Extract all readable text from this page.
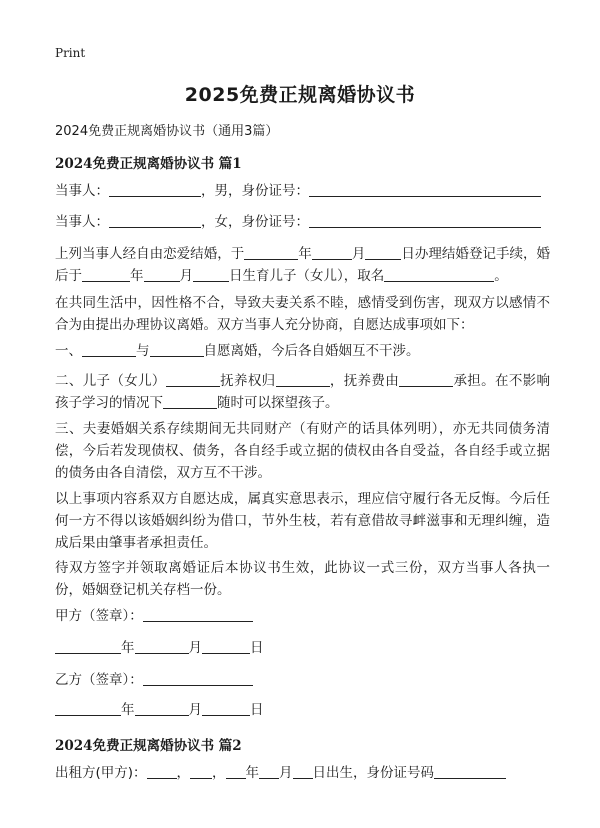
Print
2025免费正规离婚协议书
2024免费正规离婚协议书（通用3篇）
2024免费正规离婚协议书 篇1
当事人：	，男，身份证号：
当事人：	，女，身份证号：
上列当事人经自由恋爱结婚，于	年	月	日办理结婚登记手续，婚后于	年	月	日生育儿子（女儿），取名	。
在共同生活中，因性格不合，导致夫妻关系不睦，感情受到伤害，现双方以感情不合为由提出办理协议离婚。双方当事人充分协商，自愿达成事项如下：
一、	与	自愿离婚，今后各自婚姻互不干涉。
二、儿子（女儿）	抚养权归	，抚养费由	承担。在不影响孩子学习的情况下	随时可以探望孩子。
三、夫妻婚姻关系存续期间无共同财产（有财产的话具体列明），亦无共同债务清偿，今后若发现债权、债务，各自经手或立据的债权由各自受益，各自经手或立据的债务由各自清偿，双方互不干涉。
以上事项内容系双方自愿达成，属真实意思表示，理应信守履行各无反悔。今后任何一方不得以该婚姻纠纷为借口，节外生枝，若有意借故寻衅滋事和无理纠缠，造成后果由肇事者承担责任。
待双方签字并领取离婚证后本协议书生效，此协议一式三份，双方当事人各执一份，婚姻登记机关存档一份。
甲方（签章）：
年	月	日
乙方（签章）：
年	月	日
2024免费正规离婚协议书 篇2
出租方(甲方)： ， ， 年 月 日出生，身份证号码
